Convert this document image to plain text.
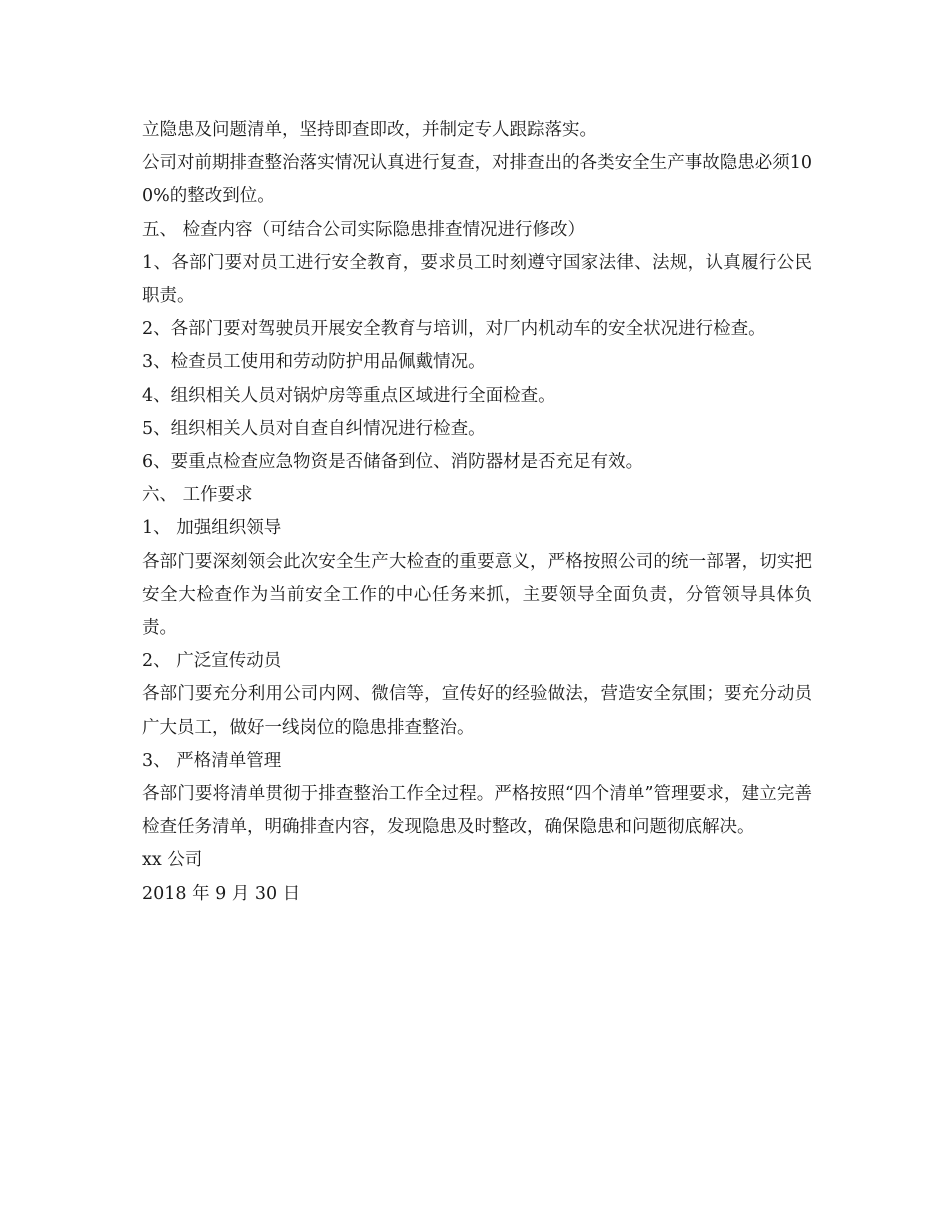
立隐患及问题清单，坚持即查即改，并制定专人跟踪落实。

公司对前期排查整治落实情况认真进行复查，对排查出的各类安全生产事故隐患必须100%的整改到位。

五、 检查内容（可结合公司实际隐患排查情况进行修改）

1、各部门要对员工进行安全教育，要求员工时刻遵守国家法律、法规，认真履行公民职责。

2、各部门要对驾驶员开展安全教育与培训，对厂内机动车的安全状况进行检查。

3、检查员工使用和劳动防护用品佩戴情况。

4、组织相关人员对锅炉房等重点区域进行全面检查。

5、组织相关人员对自查自纠情况进行检查。

6、要重点检查应急物资是否储备到位、消防器材是否充足有效。

六、 工作要求

1、 加强组织领导

各部门要深刻领会此次安全生产大检查的重要意义，严格按照公司的统一部署，切实把安全大检查作为当前安全工作的中心任务来抓，主要领导全面负责，分管领导具体负责。

2、 广泛宣传动员

各部门要充分利用公司内网、微信等，宣传好的经验做法，营造安全氛围；要充分动员广大员工，做好一线岗位的隐患排查整治。

3、 严格清单管理

各部门要将清单贯彻于排查整治工作全过程。严格按照“四个清单”管理要求，建立完善检查任务清单，明确排查内容，发现隐患及时整改，确保隐患和问题彻底解决。

xx 公司

2018 年 9 月 30 日
